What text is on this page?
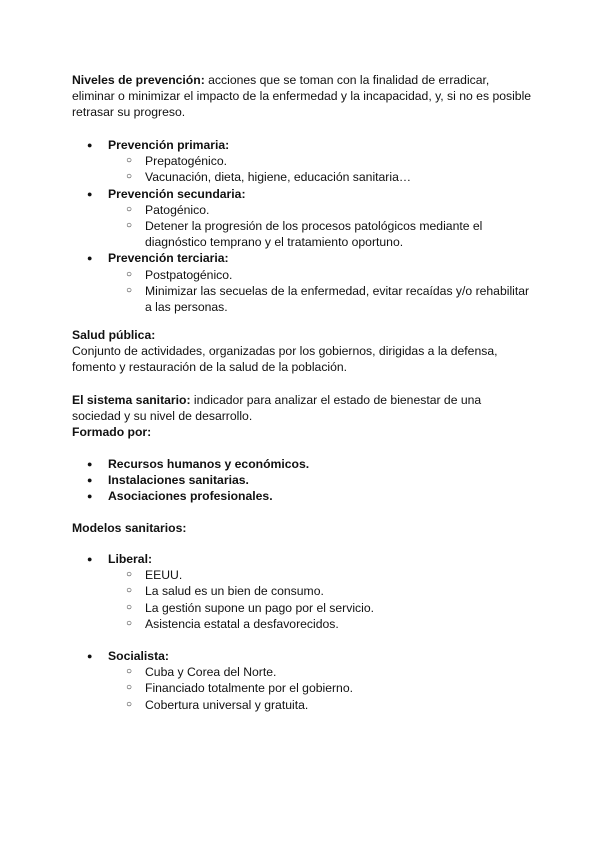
Niveles de prevención: acciones que se toman con la finalidad de erradicar, eliminar o minimizar el impacto de la enfermedad y la incapacidad, y, si no es posible retrasar su progreso.

● Prevención primaria:
○ Prepatogénico.
○ Vacunación, dieta, higiene, educación sanitaria…
● Prevención secundaria:
○ Patogénico.
○ Detener la progresión de los procesos patológicos mediante el diagnóstico temprano y el tratamiento oportuno.
● Prevención terciaria:
○ Postpatogénico.
○ Minimizar las secuelas de la enfermedad, evitar recaídas y/o rehabilitar a las personas.

Salud pública:

Conjunto de actividades, organizadas por los gobiernos, dirigidas a la defensa, fomento y restauración de la salud de la población.

El sistema sanitario: indicador para analizar el estado de bienestar de una sociedad y su nivel de desarrollo.

Formado por:

● Recursos humanos y económicos.
● Instalaciones sanitarias.
● Asociaciones profesionales.

Modelos sanitarios:

● Liberal:
○ EEUU.
○ La salud es un bien de consumo.
○ La gestión supone un pago por el servicio.
○ Asistencia estatal a desfavorecidos.
● Socialista:
○ Cuba y Corea del Norte.
○ Financiado totalmente por el gobierno.
○ Cobertura universal y gratuita.
